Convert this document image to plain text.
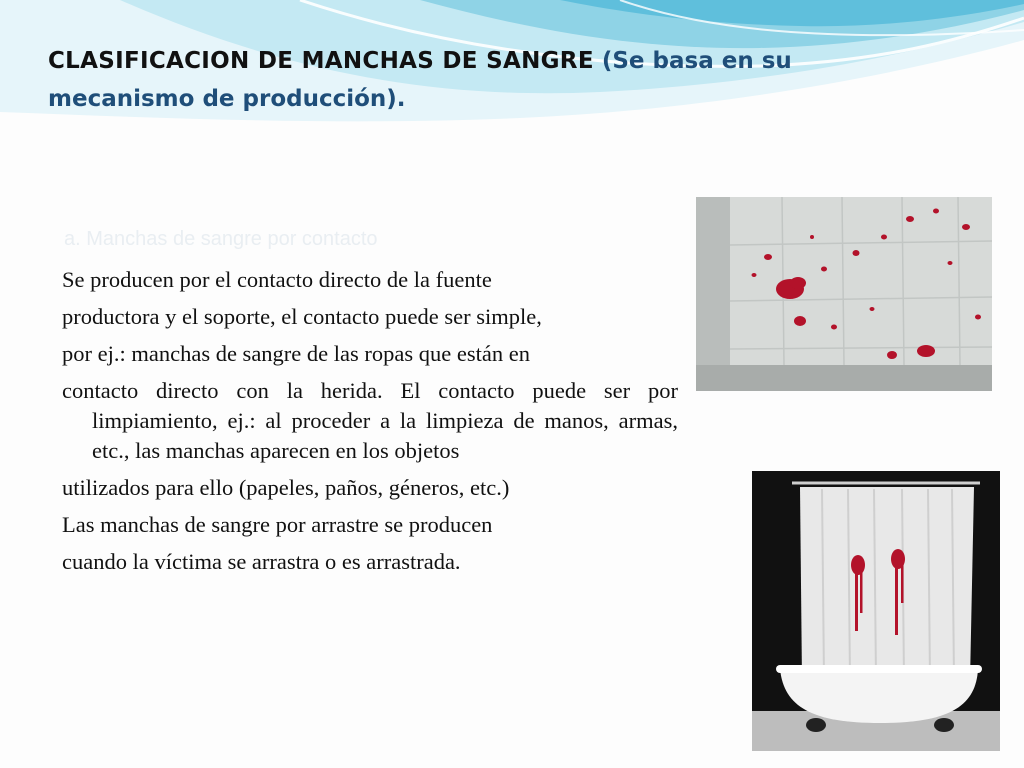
CLASIFICACION DE MANCHAS DE SANGRE (Se basa en su mecanismo de producción).
a. Manchas de sangre por contacto

Se producen por el contacto directo de la fuente

productora y el soporte, el contacto puede ser simple,

por ej.: manchas de sangre de las ropas que están en

contacto directo con la herida. El contacto puede ser por limpiamiento, ej.: al proceder a la limpieza de manos, armas, etc., las manchas aparecen en los objetos

utilizados para ello (papeles, paños, géneros, etc.)

Las manchas de sangre por arrastre se producen

cuando la víctima se arrastra o es arrastrada.
